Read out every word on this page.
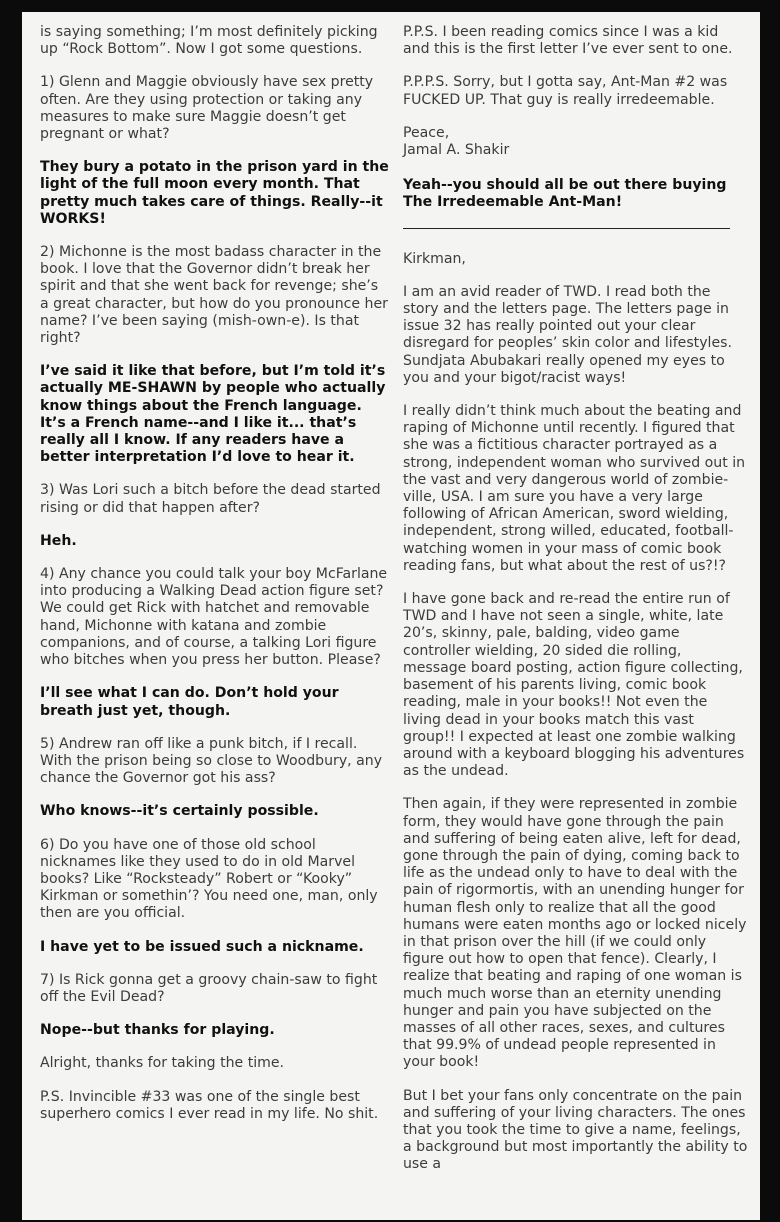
is saying something; I’m most definitely picking up “Rock Bottom”. Now I got some questions.

1) Glenn and Maggie obviously have sex pretty often. Are they using protection or taking any measures to make sure Maggie doesn’t get pregnant or what?

They bury a potato in the prison yard in the light of the full moon every month. That pretty much takes care of things. Really--it WORKS!

2) Michonne is the most badass character in the book. I love that the Governor didn’t break her spirit and that she went back for revenge; she’s a great character, but how do you pronounce her name? I’ve been saying (mish-own-e). Is that right?

I’ve said it like that before, but I’m told it’s actually ME-SHAWN by people who actually know things about the French language. It’s a French name--and I like it... that’s really all I know. If any readers have a better interpretation I’d love to hear it.

3) Was Lori such a bitch before the dead started rising or did that happen after?

Heh.

4) Any chance you could talk your boy McFarlane into producing a Walking Dead action figure set? We could get Rick with hatchet and removable hand, Michonne with katana and zombie companions, and of course, a talking Lori figure who bitches when you press her button. Please?

I’ll see what I can do. Don’t hold your breath just yet, though.

5) Andrew ran off like a punk bitch, if I recall. With the prison being so close to Woodbury, any chance the Governor got his ass?

Who knows--it’s certainly possible.

6) Do you have one of those old school nicknames like they used to do in old Marvel books? Like “Rocksteady” Robert or “Kooky” Kirkman or somethin’? You need one, man, only then are you official.

I have yet to be issued such a nickname.

7) Is Rick gonna get a groovy chain-saw to fight off the Evil Dead?

Nope--but thanks for playing.

Alright, thanks for taking the time.

P.S. Invincible #33 was one of the single best superhero comics I ever read in my life. No shit.

P.P.S. I been reading comics since I was a kid and this is the first letter I’ve ever sent to one.

P.P.P.S. Sorry, but I gotta say, Ant-Man #2 was FUCKED UP. That guy is really irredeemable.

Peace,
Jamal A. Shakir

Yeah--you should all be out there buying The Irredeemable Ant-Man!

Kirkman,

I am an avid reader of TWD. I read both the story and the letters page. The letters page in issue 32 has really pointed out your clear disregard for peoples’ skin color and lifestyles. Sundjata Abubakari really opened my eyes to you and your bigot/racist ways!

I really didn’t think much about the beating and raping of Michonne until recently. I figured that she was a fictitious character portrayed as a strong, independent woman who survived out in the vast and very dangerous world of zombie-ville, USA. I am sure you have a very large following of African American, sword wielding, independent, strong willed, educated, football-watching women in your mass of comic book reading fans, but what about the rest of us?!?

I have gone back and re-read the entire run of TWD and I have not seen a single, white, late 20’s, skinny, pale, balding, video game controller wielding, 20 sided die rolling, message board posting, action figure collecting, basement of his parents living, comic book reading, male in your books!! Not even the living dead in your books match this vast group!! I expected at least one zombie walking around with a keyboard blogging his adventures as the undead.

Then again, if they were represented in zombie form, they would have gone through the pain and suffering of being eaten alive, left for dead, gone through the pain of dying, coming back to life as the undead only to have to deal with the pain of rigormortis, with an unending hunger for human flesh only to realize that all the good humans were eaten months ago or locked nicely in that prison over the hill (if we could only figure out how to open that fence). Clearly, I realize that beating and raping of one woman is much much worse than an eternity unending hunger and pain you have subjected on the masses of all other races, sexes, and cultures that 99.9% of undead people represented in your book!

But I bet your fans only concentrate on the pain and suffering of your living characters. The ones that you took the time to give a name, feelings, a background but most importantly the ability to use a
